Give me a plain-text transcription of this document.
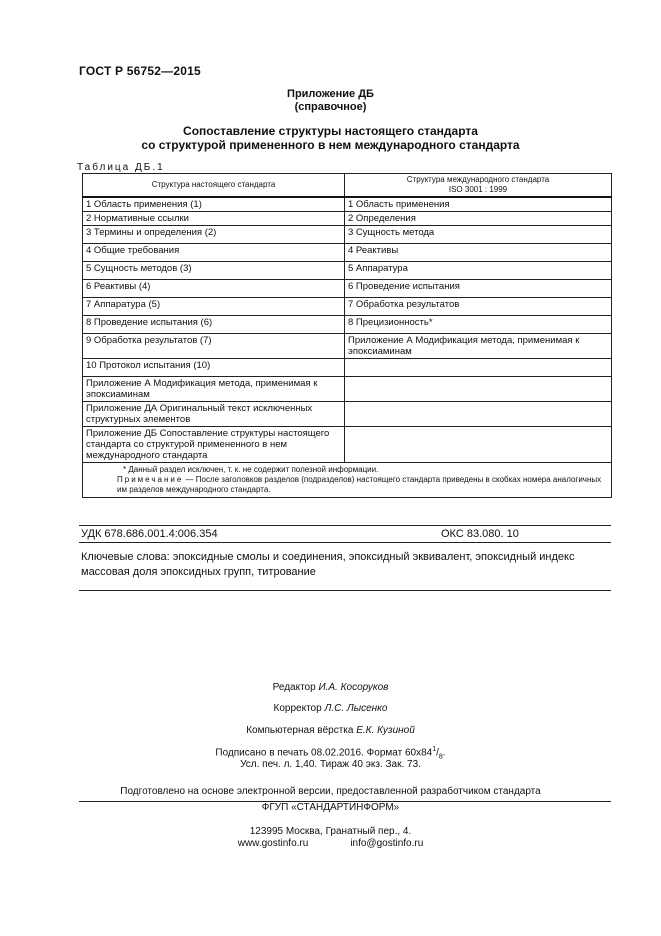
ГОСТ Р 56752—2015
Приложение ДБ
(справочное)
Сопоставление структуры настоящего стандарта
со структурой примененного в нем международного стандарта
Таблица ДБ.1
Структура настоящего стандарта	Структура международного стандарта
ISO 3001 : 1999

1 Область применения (1)	1 Область применения
2 Нормативные ссылки	2 Определения
3 Термины и определения (2)	3 Сущность метода
4 Общие требования	4 Реактивы
5 Сущность методов (3)	5 Аппаратура
6 Реактивы (4)	6 Проведение испытания
7 Аппаратура (5)	7 Обработка результатов
8 Проведение испытания (6)	8 Прецизионность*
9 Обработка результатов (7)	Приложение А Модификация метода, применимая к эпоксиаминам
10 Протокол испытания (10)	
Приложение А Модификация метода, применимая к эпоксиаминам	
Приложение ДА Оригинальный текст исключенных структурных элементов	
Приложение ДБ Сопоставление структуры настоящего стандарта со структурой примененного в нем международного стандарта	

* Данный раздел исключен, т. к. не содержит полезной информации.
Примечание — После заголовков разделов (подразделов) настоящего стандарта приведены в скобках номера аналогичных им разделов международного стандарта.	
УДК 678.686.001.4:006.354	ОКС 83.080. 10
Ключевые слова: эпоксидные смолы и соединения, эпоксидный эквивалент, эпоксидный индекс массовая доля эпоксидных групп, титрование
Редактор И.А. Косоруков
Корректор Л.С. Лысенко
Компьютерная вёрстка Е.К. Кузиной
Подписано в печать 08.02.2016. Формат $60x84^1/_8$.
Усл. печ. л. 1,40. Тираж 40 экз. Зак. 73.
Подготовлено на основе электронной версии, предоставленной разработчиком стандарта
ФГУП «СТАНДАРТИНФОРМ»
123995 Москва, Гранатный пер., 4.
www.gostinfo.ru	info@gostinfo.ru
